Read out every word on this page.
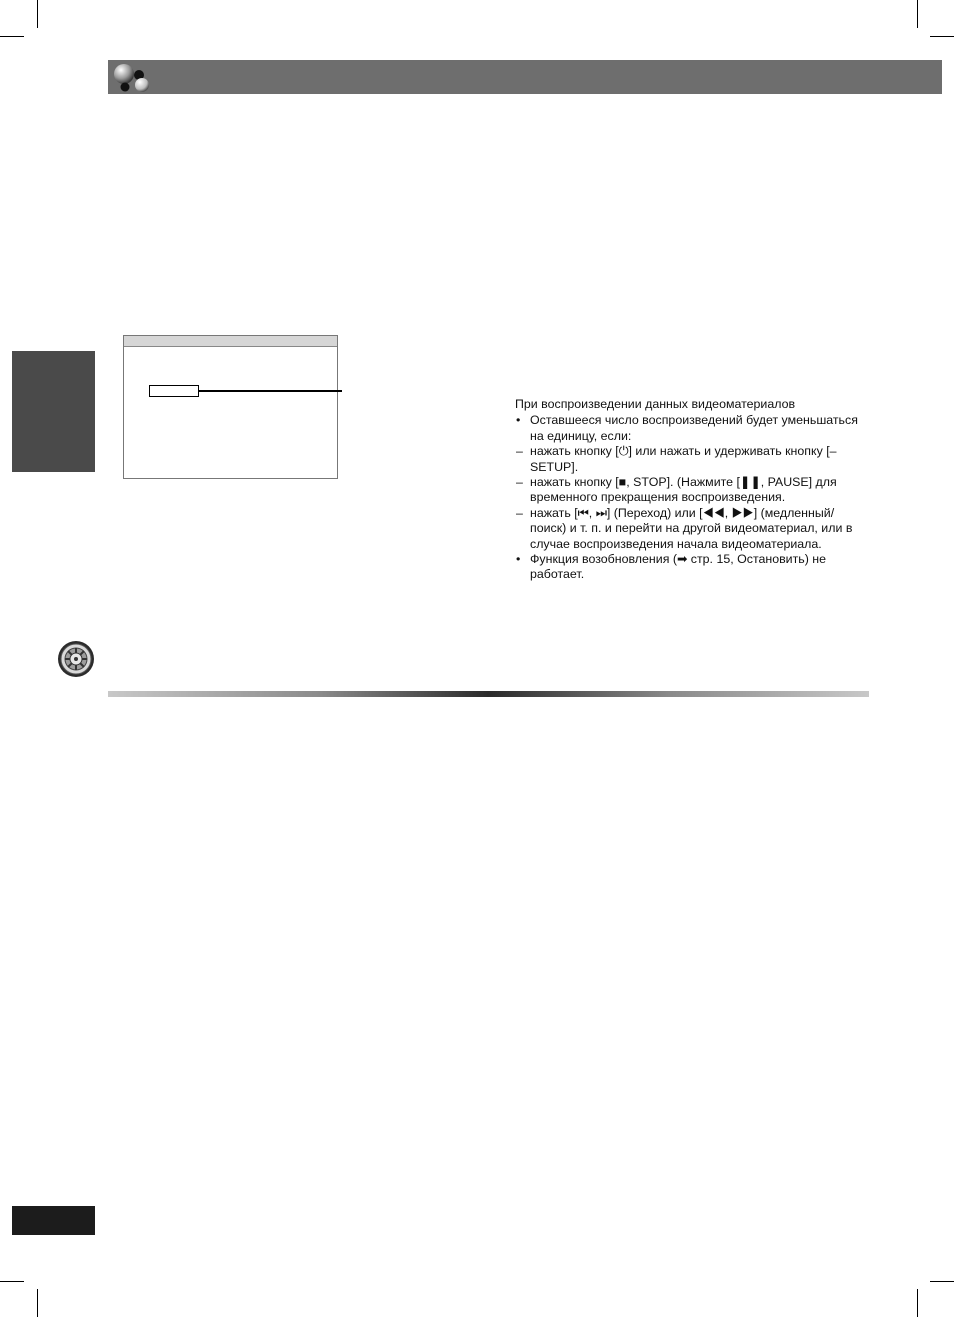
При воспроизведении данных видеоматериалов
• Оставшееся число воспроизведений будет уменьшаться на единицу, если:
– нажать кнопку [⏻] или нажать и удерживать кнопку [–SETUP].
– нажать кнопку [■, STOP]. (Нажмите [❚❚, PAUSE] для временного прекращения воспроизведения.
– нажать [⏮, ⏭] (Переход) или [◀◀, ▶▶] (медленный/поиск) и т. п. и перейти на другой видеоматериал, или в случае воспроизведения начала видеоматериала.
• Функция возобновления (➡ стр. 15, Остановить) не работает.
